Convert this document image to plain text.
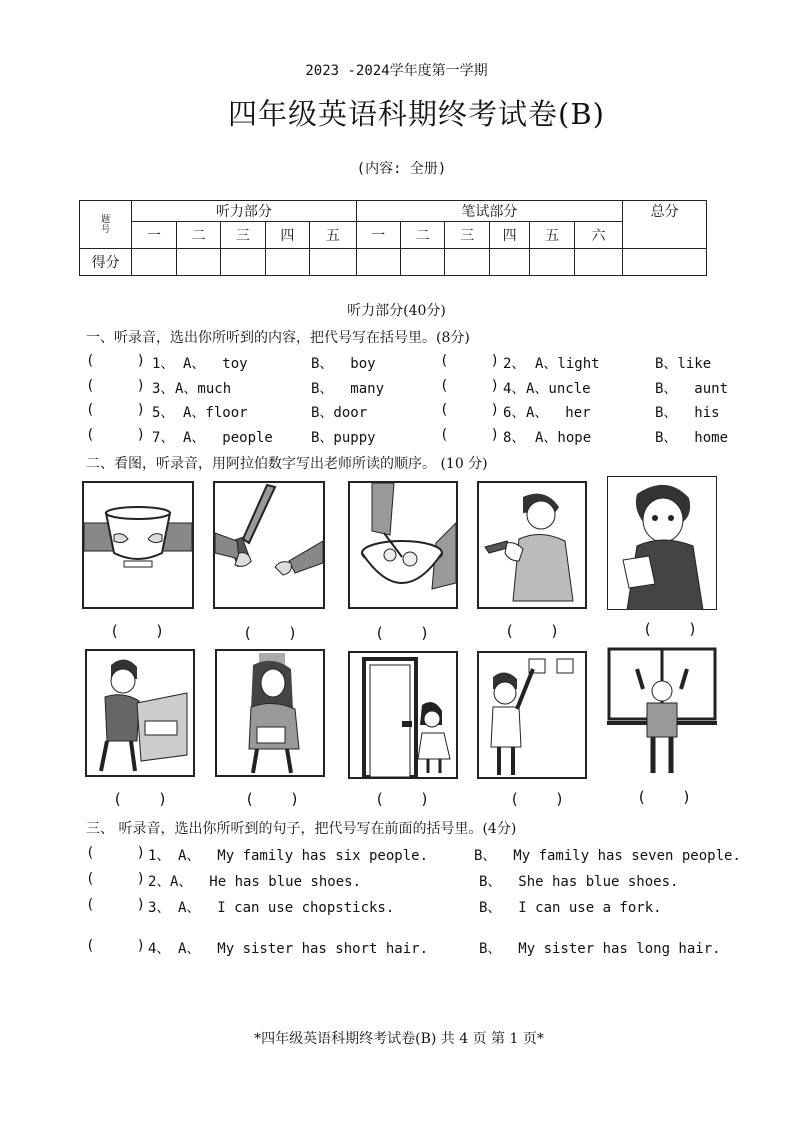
2023 -2024学年度第一学期
四年级英语科期终考试卷(B)
(内容: 全册)
题号	听力部分					笔试部分						总分
	一	二	三	四	五	一	二	三	四	五	六	
得分												
听力部分(40分)
一、听录音，选出你所听到的内容，把代号写在括号里。(8分)
(     ) 1、 A、  toy	B、  boy	(     ) 2、 A、light	B、like
(     ) 3、 A、much	B、  many	(     ) 4、 A、uncle	B、  aunt
(     ) 5、 A、floor	B、door	(     ) 6、 A、  her	B、  his
(     ) 7、 A、  people	B、puppy	(     ) 8、 A、hope	B、  home
二、看图，听录音，用阿拉伯数字写出老师所读的顺序。 (10 分)
(    )	(    )	(    )	(    )	(    )
(    )	(    )	(    )	(    )	(    )
三、 听录音，选出你所听到的句子，把代号写在前面的括号里。(4分)
(     ) 1、 A、  My family has six people.	B、  My family has seven people.
(     ) 2、 A、  He has blue shoes.	B、  She has blue shoes.
(     ) 3、 A、  I can use chopsticks.	B、  I can use a fork.
(     ) 4、 A、  My sister has short hair.	B、  My sister has long hair.
*四年级英语科期终考试卷(B) 共 4 页 第 1 页*
